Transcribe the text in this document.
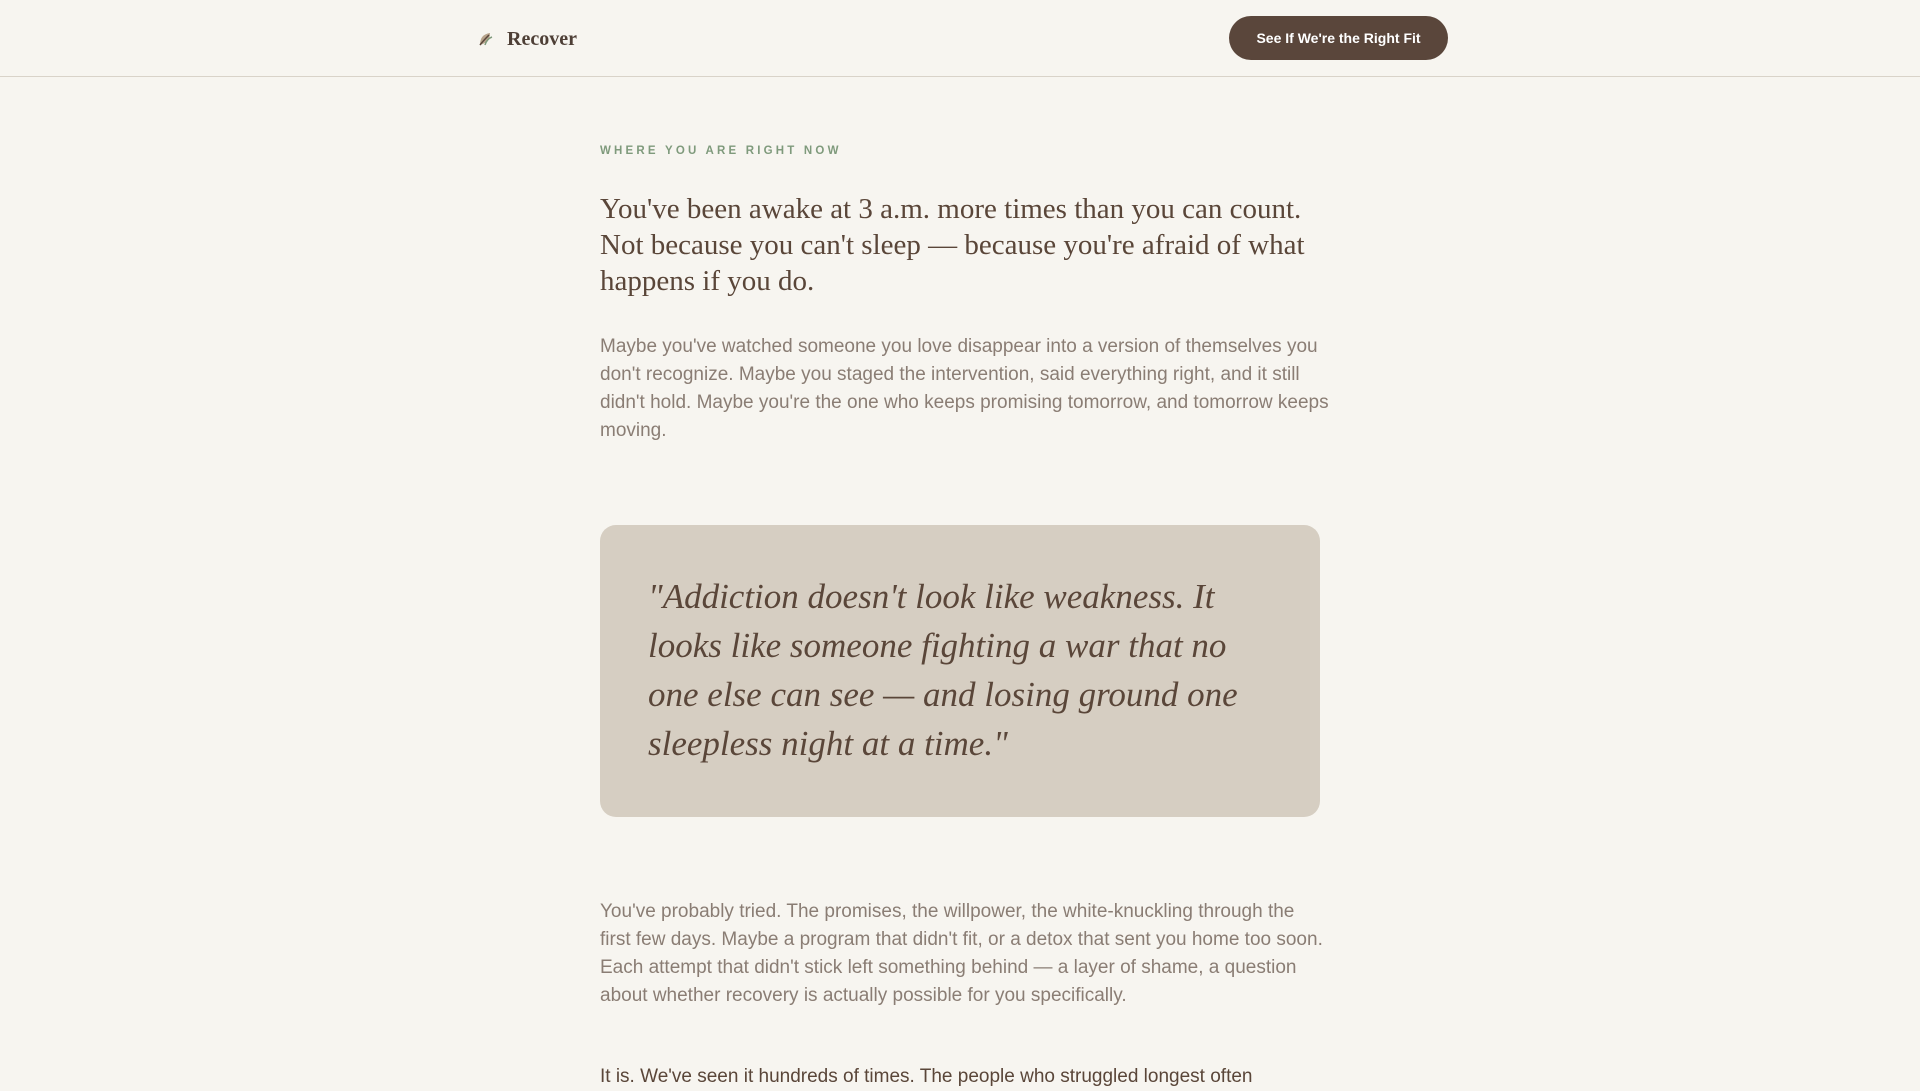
Recover	See If We're the Right Fit
WHERE YOU ARE RIGHT NOW
You've been awake at 3 a.m. more times than you can count. Not because you can't sleep — because you're afraid of what happens if you do.

Maybe you've watched someone you love disappear into a version of themselves you don't recognize. Maybe you staged the intervention, said everything right, and it still didn't hold. Maybe you're the one who keeps promising tomorrow, and tomorrow keeps moving.

"Addiction doesn't look like weakness. It looks like someone fighting a war that no one else can see — and losing ground one sleepless night at a time."

You've probably tried. The promises, the willpower, the white-knuckling through the first few days. Maybe a program that didn't fit, or a detox that sent you home too soon. Each attempt that didn't stick left something behind — a layer of shame, a question about whether recovery is actually possible for you specifically.

It is. We've seen it hundreds of times. The people who struggled longest often
